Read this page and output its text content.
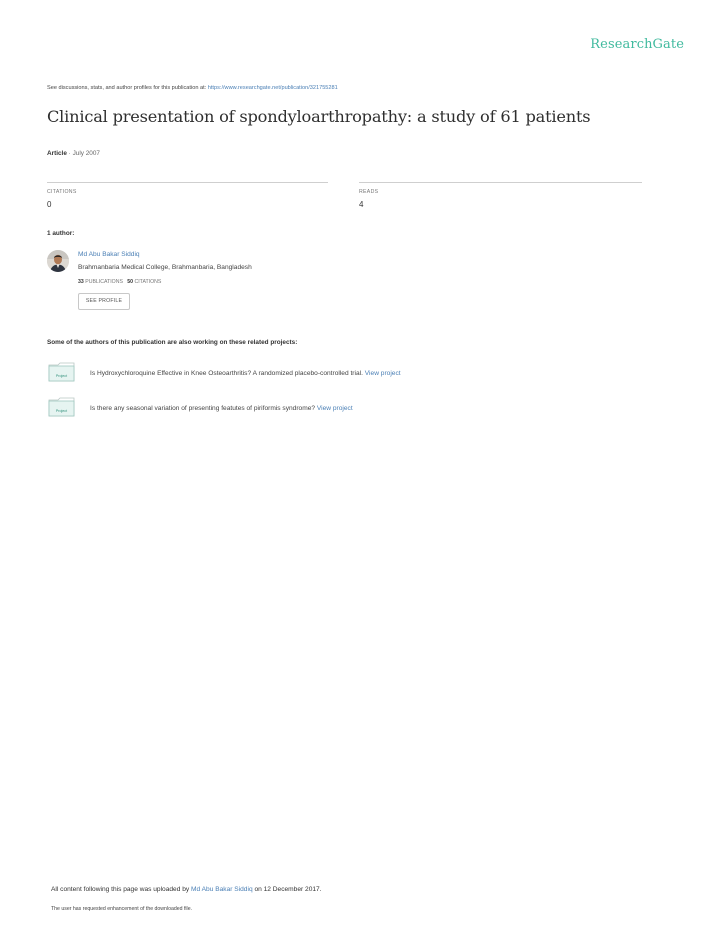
ResearchGate
See discussions, stats, and author profiles for this publication at: https://www.researchgate.net/publication/321755281
Clinical presentation of spondyloarthropathy: a study of 61 patients
Article · July 2007
CITATIONS
0
READS
4
1 author:
Md Abu Bakar Siddiq
Brahmanbaria Medical College, Brahmanbaria, Bangladesh
33 PUBLICATIONS 50 CITATIONS
SEE PROFILE
Some of the authors of this publication are also working on these related projects:
Project	Is Hydroxychloroquine Effective in Knee Osteoarthritis? A randomized placebo-controlled trial. View project
Project	Is there any seasonal variation of presenting featutes of piriformis syndrome? View project
All content following this page was uploaded by Md Abu Bakar Siddiq on 12 December 2017.
The user has requested enhancement of the downloaded file.
